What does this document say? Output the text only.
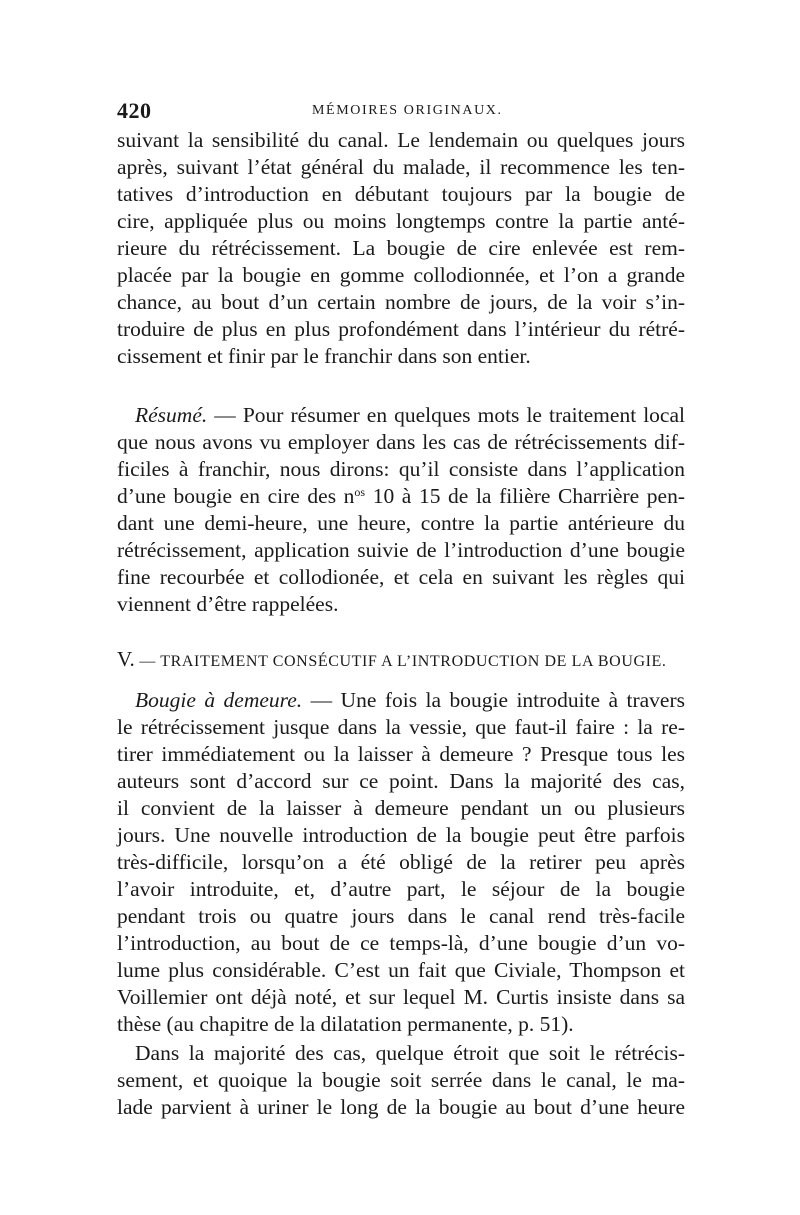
420	MÉMOIRES ORIGINAUX.
suivant la sensibilité du canal. Le lendemain ou quelques jours
après, suivant l’état général du malade, il recommence les ten-
tatives d’introduction en débutant toujours par la bougie de
cire, appliquée plus ou moins longtemps contre la partie anté-
rieure du rétrécissement. La bougie de cire enlevée est rem-
placée par la bougie en gomme collodionnée, et l’on a grande
chance, au bout d’un certain nombre de jours, de la voir s’in-
troduire de plus en plus profondément dans l’intérieur du rétré-
cissement et finir par le franchir dans son entier.
Résumé. — Pour résumer en quelques mots le traitement local
que nous avons vu employer dans les cas de rétrécissements dif-
ficiles à franchir, nous dirons: qu’il consiste dans l’application
d’une bougie en cire des $n^{os}$ 10 à 15 de la filière Charrière pen-
dant une demi-heure, une heure, contre la partie antérieure du
rétrécissement, application suivie de l’introduction d’une bougie
fine recourbée et collodionée, et cela en suivant les règles qui
viennent d’être rappelées.
V. — TRAITEMENT CONSÉCUTIF A L’INTRODUCTION DE LA BOUGIE.
Bougie à demeure. — Une fois la bougie introduite à travers
le rétrécissement jusque dans la vessie, que faut-il faire : la re-
tirer immédiatement ou la laisser à demeure ? Presque tous les
auteurs sont d’accord sur ce point. Dans la majorité des cas,
il convient de la laisser à demeure pendant un ou plusieurs
jours. Une nouvelle introduction de la bougie peut être parfois
très-difficile, lorsqu’on a été obligé de la retirer peu après
l’avoir introduite, et, d’autre part, le séjour de la bougie
pendant trois ou quatre jours dans le canal rend très-facile
l’introduction, au bout de ce temps-là, d’une bougie d’un vo-
lume plus considérable. C’est un fait que Civiale, Thompson et
Voillemier ont déjà noté, et sur lequel M. Curtis insiste dans sa
thèse (au chapitre de la dilatation permanente, p. 51).
Dans la majorité des cas, quelque étroit que soit le rétrécis-
sement, et quoique la bougie soit serrée dans le canal, le ma-
lade parvient à uriner le long de la bougie au bout d’une heure
